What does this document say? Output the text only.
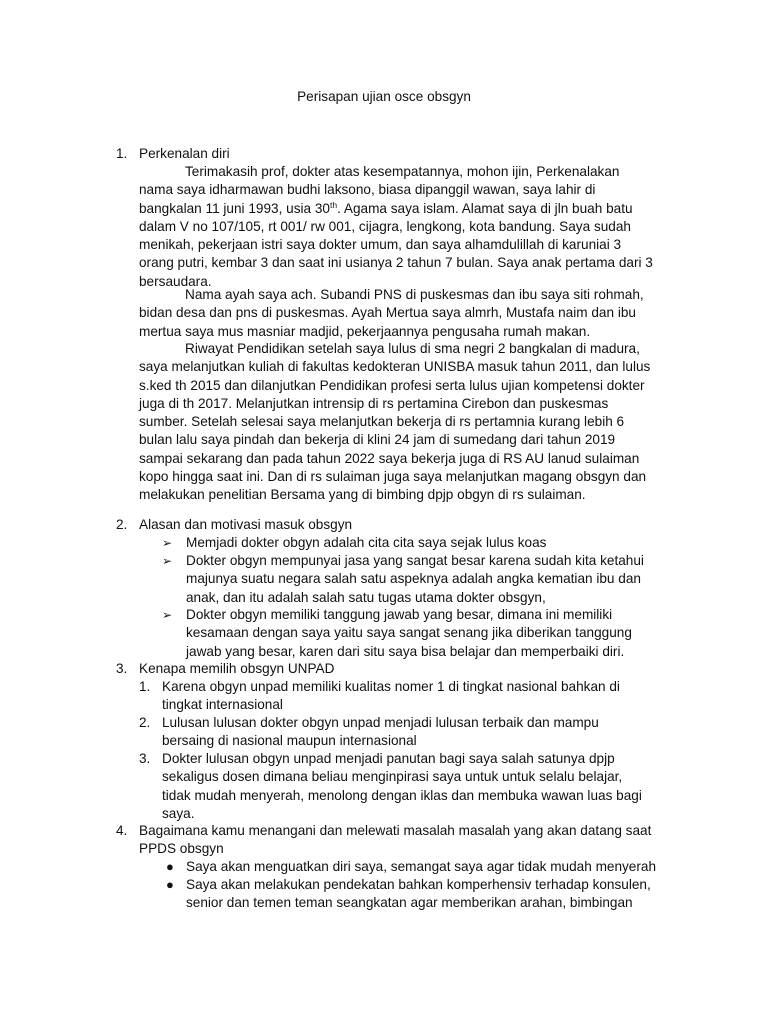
Perisapan ujian osce obsgyn
1. Perkenalan diri
Terimakasih prof, dokter atas kesempatannya, mohon ijin, Perkenalakan
nama saya idharmawan budhi laksono, biasa dipanggil wawan, saya lahir di
bangkalan 11 juni 1993, usia 30th. Agama saya islam. Alamat saya di jln buah batu
dalam V no 107/105, rt 001/ rw 001, cijagra, lengkong, kota bandung. Saya sudah
menikah, pekerjaan istri saya dokter umum, dan saya alhamdulillah di karuniai 3
orang putri, kembar 3 dan saat ini usianya 2 tahun 7 bulan. Saya anak pertama dari 3
bersaudara.
Nama ayah saya ach. Subandi PNS di puskesmas dan ibu saya siti rohmah,
bidan desa dan pns di puskesmas. Ayah Mertua saya almrh, Mustafa naim dan ibu
mertua saya mus masniar madjid, pekerjaannya pengusaha rumah makan.
Riwayat Pendidikan setelah saya lulus di sma negri 2 bangkalan di madura,
saya melanjutkan kuliah di fakultas kedokteran UNISBA masuk tahun 2011, dan lulus
s.ked th 2015 dan dilanjutkan Pendidikan profesi serta lulus ujian kompetensi dokter
juga di th 2017. Melanjutkan intrensip di rs pertamina Cirebon dan puskesmas
sumber. Setelah selesai saya melanjutkan bekerja di rs pertamnia kurang lebih 6
bulan lalu saya pindah dan bekerja di klini 24 jam di sumedang dari tahun 2019
sampai sekarang dan pada tahun 2022 saya bekerja juga di RS AU lanud sulaiman
kopo hingga saat ini. Dan di rs sulaiman juga saya melanjutkan magang obsgyn dan
melakukan penelitian Bersama yang di bimbing dpjp obgyn di rs sulaiman.
2. Alasan dan motivasi masuk obsgyn
➢ Memjadi dokter obgyn adalah cita cita saya sejak lulus koas
➢ Dokter obgyn mempunyai jasa yang sangat besar karena sudah kita ketahui
majunya suatu negara salah satu aspeknya adalah angka kematian ibu dan
anak, dan itu adalah salah satu tugas utama dokter obsgyn,
➢ Dokter obgyn memiliki tanggung jawab yang besar, dimana ini memiliki
kesamaan dengan saya yaitu saya sangat senang jika diberikan tanggung
jawab yang besar, karen dari situ saya bisa belajar dan memperbaiki diri.
3. Kenapa memilih obsgyn UNPAD
1. Karena obgyn unpad memiliki kualitas nomer 1 di tingkat nasional bahkan di
tingkat internasional
2. Lulusan lulusan dokter obgyn unpad menjadi lulusan terbaik dan mampu
bersaing di nasional maupun internasional
3. Dokter lulusan obgyn unpad menjadi panutan bagi saya salah satunya dpjp
sekaligus dosen dimana beliau menginpirasi saya untuk untuk selalu belajar,
tidak mudah menyerah, menolong dengan iklas dan membuka wawan luas bagi
saya.
4. Bagaimana kamu menangani dan melewati masalah masalah yang akan datang saat
PPDS obsgyn
● Saya akan menguatkan diri saya, semangat saya agar tidak mudah menyerah
● Saya akan melakukan pendekatan bahkan komperhensiv terhadap konsulen,
senior dan temen teman seangkatan agar memberikan arahan, bimbingan
